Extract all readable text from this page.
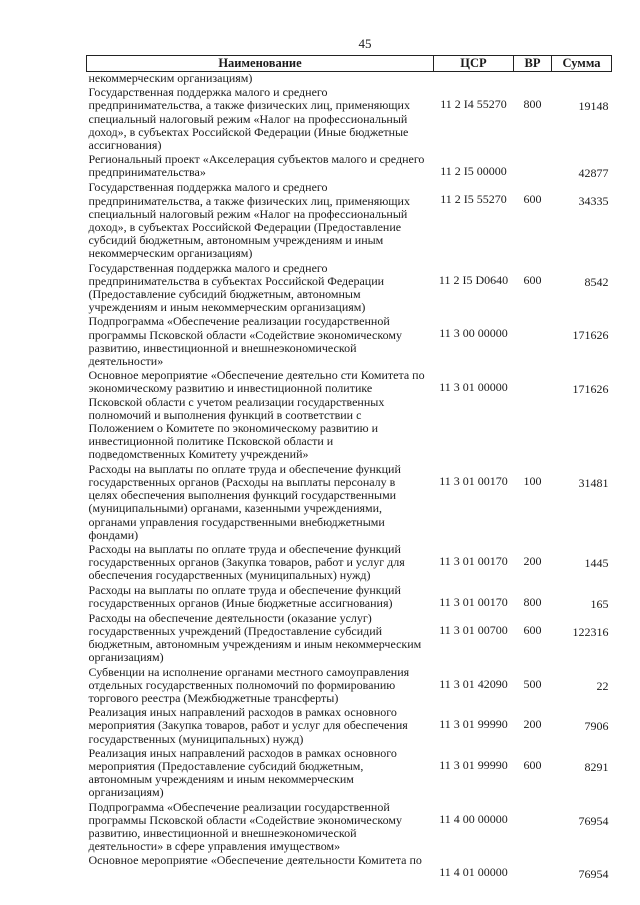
45
Наименование	ЦСР	ВР	Сумма
некоммерческим организациям)			
Государственная поддержка малого и среднего предпринимательства, а также физических лиц, применяющих специальный налоговый режим «Налог на профессиональный доход», в субъектах Российской Федерации (Иные бюджетные ассигнования)	11 2 I4 55270	800	19148
Региональный проект «Акселерация субъектов малого и среднего предпринимательства»	11 2 I5 00000		42877
Государственная поддержка малого и среднего предпринимательства, а также физических лиц, применяющих специальный налоговый режим «Налог на профессиональный доход», в субъектах Российской Федерации (Предоставление субсидий бюджетным, автономным учреждениям и иным некоммерческим организациям)	11 2 I5 55270	600	34335
Государственная поддержка малого и среднего предпринимательства в субъектах Российской Федерации (Предоставление субсидий бюджетным, автономным учреждениям и иным некоммерческим организациям)	11 2 I5 D0640	600	8542
Подпрограмма «Обеспечение реализации государственной программы Псковской области «Содействие экономическому развитию, инвестиционной и внешнеэкономической деятельности»	11 3 00 00000		171626
Основное мероприятие «Обеспечение деятельно сти Комитета по экономическому развитию и инвестиционной политике Псковской области с учетом реализации государственных полномочий и выполнения функций в соответствии с Положением о Комитете по экономическому развитию и инвестиционной политике Псковской области и подведомственных Комитету учреждений»	11 3 01 00000		171626
Расходы на выплаты по оплате труда и обеспечение функций государственных органов (Расходы на выплаты персоналу в целях обеспечения выполнения функций государственными (муниципальными) органами, казенными учреждениями, органами управления государственными внебюджетными фондами)	11 3 01 00170	100	31481
Расходы на выплаты по оплате труда и обеспечение функций государственных органов (Закупка товаров, работ и услуг для обеспечения государственных (муниципальных) нужд)	11 3 01 00170	200	1445
Расходы на выплаты по оплате труда и обеспечение функций государственных органов (Иные бюджетные ассигнования)	11 3 01 00170	800	165
Расходы на обеспечение деятельности (оказание услуг) государственных учреждений (Предоставление субсидий бюджетным, автономным учреждениям и иным некоммерческим организациям)	11 3 01 00700	600	122316
Субвенции на исполнение органами местного самоуправления отдельных государственных полномочий по формированию торгового реестра (Межбюджетные трансферты)	11 3 01 42090	500	22
Реализация иных направлений расходов в рамках основного мероприятия (Закупка товаров, работ и услуг для обеспечения государственных (муниципальных) нужд)	11 3 01 99990	200	7906
Реализация иных направлений расходов в рамках основного мероприятия (Предоставление субсидий бюджетным, автономным учреждениям и иным некоммерческим организациям)	11 3 01 99990	600	8291
Подпрограмма «Обеспечение реализации государственной программы Псковской области «Содействие экономическому развитию, инвестиционной и внешнеэкономической деятельности» в сфере управления имуществом»	11 4 00 00000		76954
Основное мероприятие «Обеспечение деятельности Комитета по	11 4 01 00000		76954
